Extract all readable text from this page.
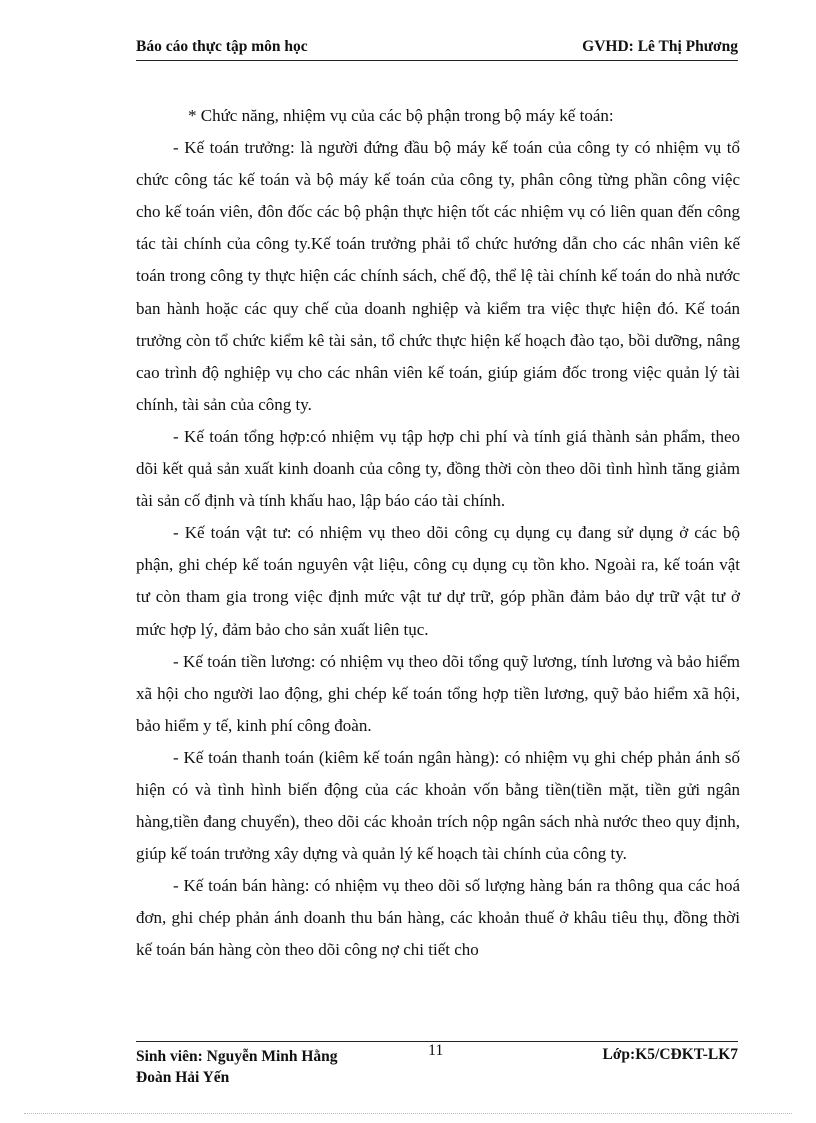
Báo cáo thực tập môn học	GVHD: Lê Thị Phương

* Chức năng, nhiệm vụ của các bộ phận trong bộ máy kế toán:

- Kế toán trưởng: là người đứng đầu bộ máy kế toán của công ty có nhiệm vụ tổ chức công tác kế toán và bộ máy kế toán của công ty, phân công từng phần công việc cho kế toán viên, đôn đốc các bộ phận thực hiện tốt các nhiệm vụ có liên quan đến công tác tài chính của công ty.Kế toán trưởng phải tổ chức hướng dẫn cho các nhân viên kế toán trong công ty thực hiện các chính sách, chế độ, thể lệ tài chính kế toán do nhà nước ban hành hoặc các quy chế của doanh nghiệp và kiểm tra việc thực hiện đó. Kế toán trưởng còn tổ chức kiểm kê tài sản, tổ chức thực hiện kế hoạch đào tạo, bồi dưỡng, nâng cao trình độ nghiệp vụ cho các nhân viên kế toán, giúp giám đốc trong việc quản lý tài chính, tài sản của công ty.

- Kế toán tổng hợp:có nhiệm vụ tập hợp chi phí và tính giá thành sản phẩm, theo dõi kết quả sản xuất kinh doanh của công ty, đồng thời còn theo dõi tình hình tăng giảm tài sản cố định và tính khấu hao, lập báo cáo tài chính.

- Kế toán vật tư: có nhiệm vụ theo dõi công cụ dụng cụ đang sử dụng ở các bộ phận, ghi chép kế toán nguyên vật liệu, công cụ dụng cụ tồn kho. Ngoài ra, kế toán vật tư còn tham gia trong việc định mức vật tư dự trữ, góp phần đảm bảo dự trữ vật tư ở mức hợp lý, đảm bảo cho sản xuất liên tục.

- Kế toán tiền lương: có nhiệm vụ theo dõi tổng quỹ lương, tính lương và bảo hiểm xã hội cho người lao động, ghi chép kế toán tổng hợp tiền lương, quỹ bảo hiểm xã hội, bảo hiểm y tế, kinh phí công đoàn.

- Kế toán thanh toán (kiêm kế toán ngân hàng): có nhiệm vụ ghi chép phản ánh số hiện có và tình hình biến động của các khoản vốn bằng tiền(tiền mặt, tiền gửi ngân hàng,tiền đang chuyển), theo dõi các khoản trích nộp ngân sách nhà nước theo quy định, giúp kế toán trưởng xây dựng và quản lý kế hoạch tài chính của công ty.

- Kế toán bán hàng: có nhiệm vụ theo dõi số lượng hàng bán ra thông qua các hoá đơn, ghi chép phản ánh doanh thu bán hàng, các khoản thuế ở khâu tiêu thụ, đồng thời kế toán bán hàng còn theo dõi công nợ chi tiết cho

Sinh viên: Nguyễn Minh Hằng
Đoàn Hải Yến
11	Lớp:K5/CĐKT-LK7
